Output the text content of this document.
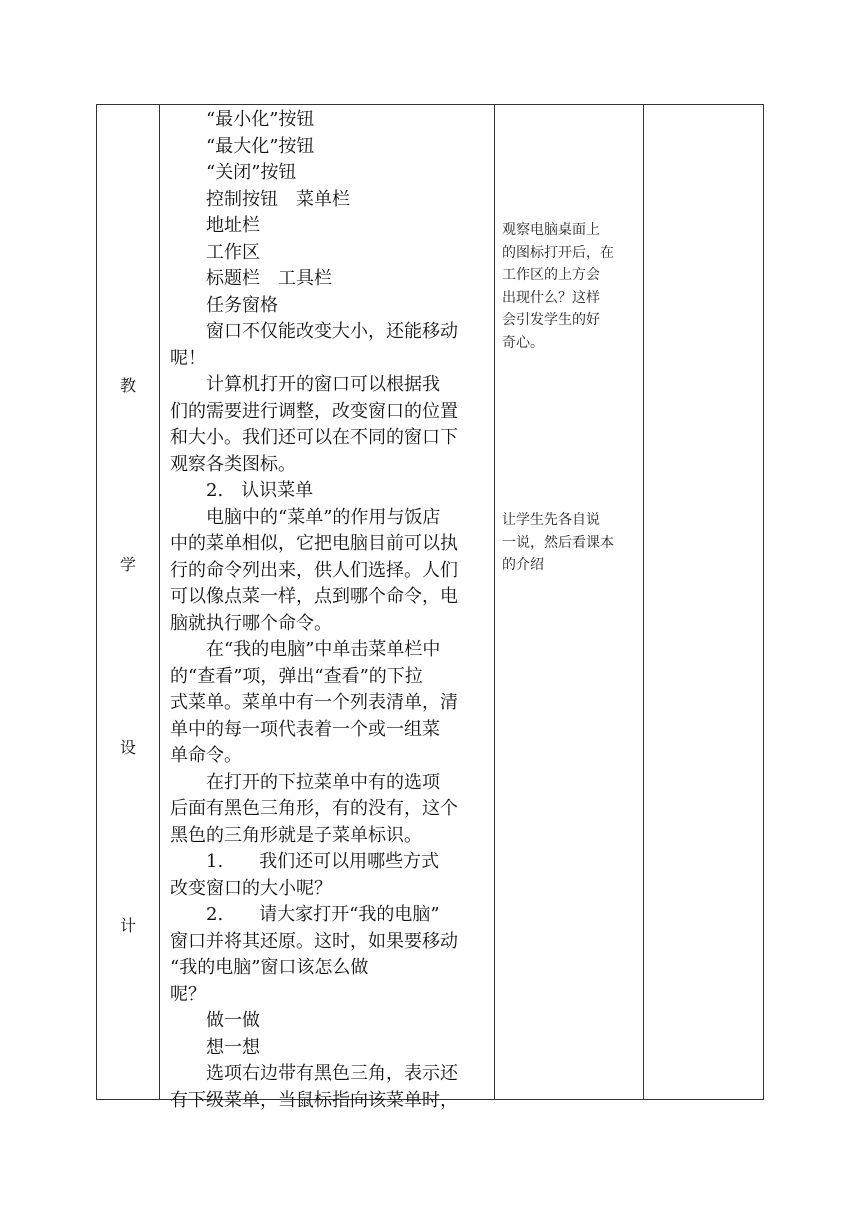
教
学
设
计
　　“最小化”按钮
　　“最大化”按钮
　　“关闭”按钮
　　控制按钮　菜单栏
　　地址栏
　　工作区
　　标题栏　工具栏
　　任务窗格
　　窗口不仅能改变大小，还能移动
呢！
　　计算机打开的窗口可以根据我
们的需要进行调整，改变窗口的位置
和大小。我们还可以在不同的窗口下
观察各类图标。
　　2.　认识菜单
　　电脑中的“菜单”的作用与饭店
中的菜单相似，它把电脑目前可以执
行的命令列出来，供人们选择。人们
可以像点菜一样，点到哪个命令，电
脑就执行哪个命令。
　　在“我的电脑”中单击菜单栏中
的“查看”项，弹出“查看”的下拉
式菜单。菜单中有一个列表清单，清
单中的每一项代表着一个或一组菜
单命令。
　　在打开的下拉菜单中有的选项
后面有黑色三角形，有的没有，这个
黑色的三角形就是子菜单标识。
　　1.　　我们还可以用哪些方式
改变窗口的大小呢？
　　2.　　请大家打开“我的电脑”
窗口并将其还原。这时，如果要移动
“我的电脑”窗口该怎么做
呢？
　　做一做
　　想一想
　　选项右边带有黑色三角，表示还
有下级菜单，当鼠标指向该菜单时，
观察电脑桌面上
的图标打开后，在
工作区的上方会
出现什么？这样
会引发学生的好
奇心。
让学生先各自说
一说，然后看课本
的介绍
